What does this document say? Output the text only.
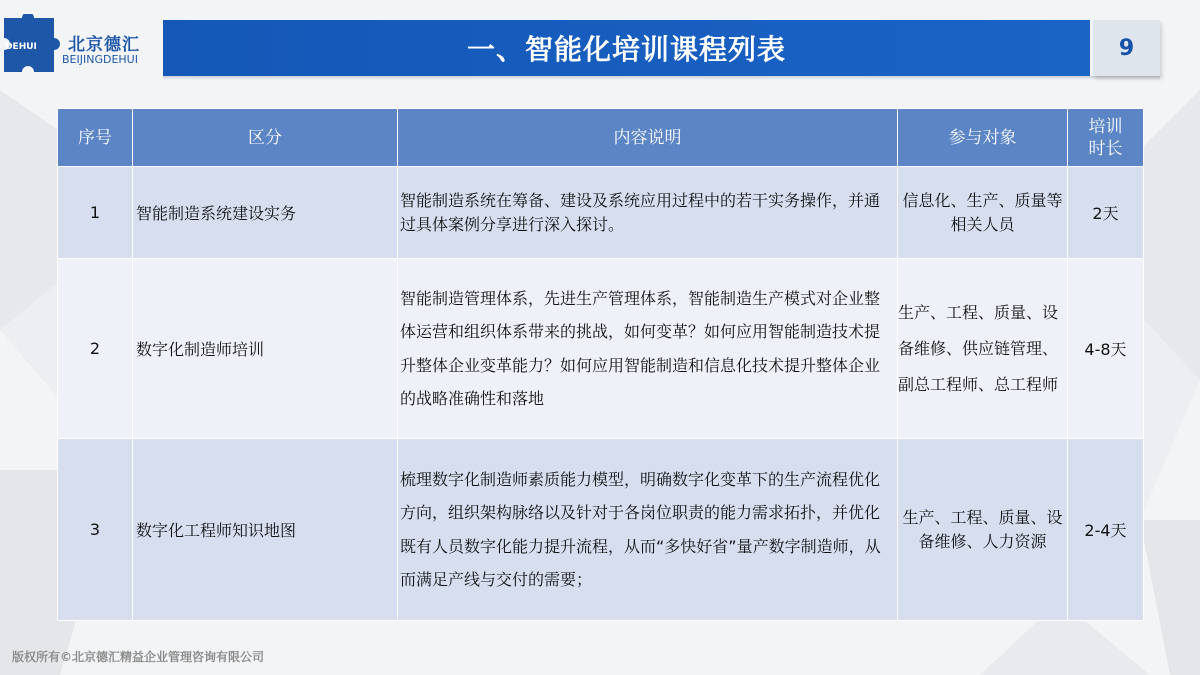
ÐEHUI 北京德汇
BEIJINGDEHUI	一、智能化培训课程列表	9
序号	区分	内容说明	参与对象	培训
时长
1	智能制造系统建设实务	智能制造系统在筹备、建设及系统应用过程中的若干实务操作，并通过具体案例分享进行深入探讨。	信息化、生产、质量等相关人员	2天
2	数字化制造师培训	智能制造管理体系，先进生产管理体系，智能制造生产模式对企业整体运营和组织体系带来的挑战，如何变革？如何应用智能制造技术提升整体企业变革能力？如何应用智能制造和信息化技术提升整体企业的战略准确性和落地	生产、工程、质量、设备维修、供应链管理、副总工程师、总工程师	4-8天
3	数字化工程师知识地图	梳理数字化制造师素质能力模型，明确数字化变革下的生产流程优化方向，组织架构脉络以及针对于各岗位职责的能力需求拓扑，并优化既有人员数字化能力提升流程，从而“多快好省”量产数字制造师，从而满足产线与交付的需要；	生产、工程、质量、设备维修、人力资源	2-4天
版权所有©北京德汇精益企业管理咨询有限公司
